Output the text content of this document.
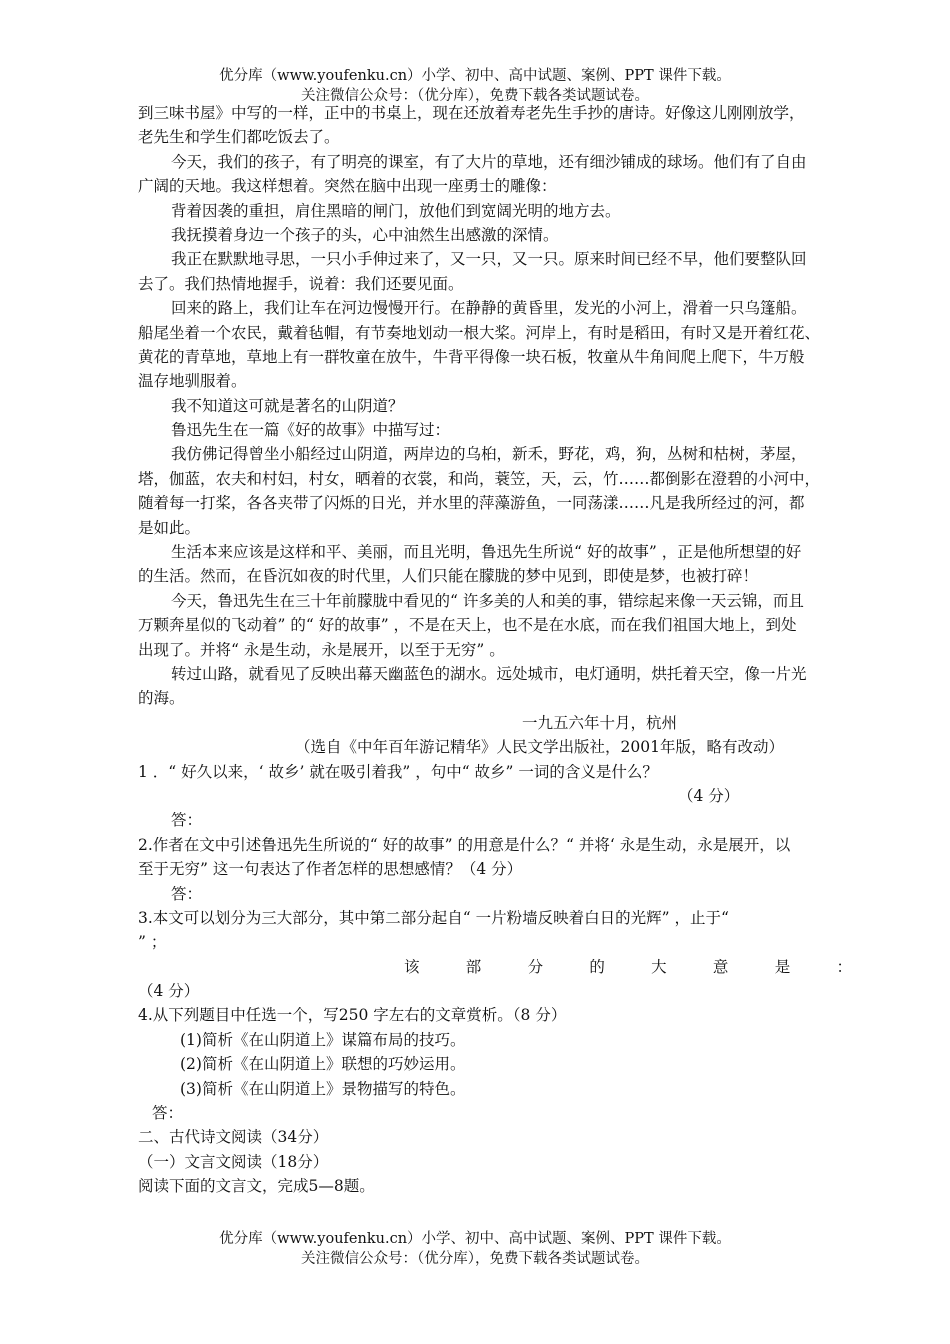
优分库（www.youfenku.cn）小学、初中、高中试题、案例、PPT 课件下载。
关注微信公众号：（优分库），免费下载各类试题试卷。
到三味书屋》中写的一样，正中的书桌上，现在还放着寿老先生手抄的唐诗。好像这儿刚刚放学，
老先生和学生们都吃饭去了。
今天，我们的孩子，有了明亮的课室，有了大片的草地，还有细沙铺成的球场。他们有了自由
广阔的天地。我这样想着。突然在脑中出现一座勇士的雕像：
背着因袭的重担，肩住黑暗的闸门，放他们到宽阔光明的地方去。
我抚摸着身边一个孩子的头，心中油然生出感激的深情。
我正在默默地寻思，一只小手伸过来了，又一只，又一只。原来时间已经不早，他们要整队回
去了。我们热情地握手，说着：我们还要见面。
回来的路上，我们让车在河边慢慢开行。在静静的黄昏里，发光的小河上，滑着一只乌篷船。
船尾坐着一个农民，戴着毡帽，有节奏地划动一根大桨。河岸上，有时是稻田，有时又是开着红花、
黄花的青草地，草地上有一群牧童在放牛，牛背平得像一块石板，牧童从牛角间爬上爬下，牛万般
温存地驯服着。
我不知道这可就是著名的山阴道？
鲁迅先生在一篇《好的故事》中描写过：
我仿佛记得曾坐小船经过山阴道，两岸边的乌桕，新禾，野花，鸡，狗，丛树和枯树，茅屋，
塔，伽蓝，农夫和村妇，村女，晒着的衣裳，和尚，蓑笠，天，云，竹……都倒影在澄碧的小河中，
随着每一打桨，各各夹带了闪烁的日光，并水里的萍藻游鱼，一同荡漾……凡是我所经过的河，都
是如此。
生活本来应该是这样和平、美丽，而且光明，鲁迅先生所说“ 好的故事” ，正是他所想望的好
的生活。然而，在昏沉如夜的时代里，人们只能在朦胧的梦中见到，即使是梦，也被打碎！
今天，鲁迅先生在三十年前朦胧中看见的“ 许多美的人和美的事，错综起来像一天云锦，而且
万颗奔星似的飞动着” 的“ 好的故事” ，不是在天上，也不是在水底，而在我们祖国大地上，到处
出现了。并将“ 永是生动，永是展开，以至于无穷” 。
转过山路，就看见了反映出幕天幽蓝色的湖水。远处城市，电灯通明，烘托着天空，像一片光
的海。
一九五六年十月，杭州
（选自《中年百年游记精华》人民文学出版社，2001年版，略有改动）
1 ．“ 好久以来，‘ 故乡’ 就在吸引着我” ，句中“ 故乡” 一词的含义是什么？
（4 分）
答：
2.作者在文中引述鲁迅先生所说的“ 好的故事” 的用意是什么？“ 并将‘ 永是生动，永是展开，以
至于无穷” 这一句表达了作者怎样的思想感情？（4 分）
答：
3.本文可以划分为三大部分，其中第二部分起自“ 一片粉墙反映着白日的光辉” ，止于“
” ；
该	部	分	的	大	意	是	：
（4 分）
4.从下列题目中任选一个，写250 字左右的文章赏析。（8 分）
(1)简析《在山阴道上》谋篇布局的技巧。
(2)简析《在山阴道上》联想的巧妙运用。
(3)简析《在山阴道上》景物描写的特色。
答：
二、古代诗文阅读（34分）
（一）文言文阅读（18分）
阅读下面的文言文，完成5—8题。
优分库（www.youfenku.cn）小学、初中、高中试题、案例、PPT 课件下载。
关注微信公众号：（优分库），免费下载各类试题试卷。
